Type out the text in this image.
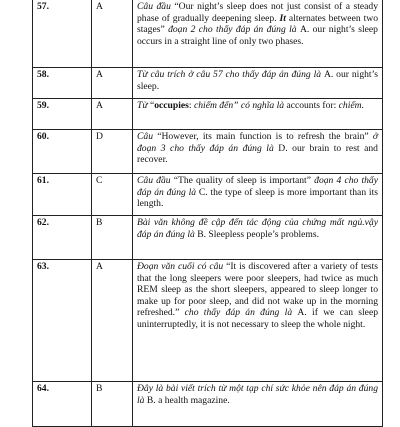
57.	A	Câu đầu “Our night’s sleep does not just consist of a steady phase of gradually deepening sleep. It alternates between two stages” đoạn 2 cho thấy đáp án đúng là A. our night’s sleep occurs in a straight line of only two phases.
58.	A	Từ câu trích ở câu 57 cho thấy đáp án đúng là A. our night’s sleep.
59.	A	Từ “occupies: chiếm đến” có nghĩa là accounts for: chiếm.
60.	D	Câu “However, its main function is to refresh the brain” ở đoạn 3 cho thấy đáp án đúng là D. our brain to rest and recover.
61.	C	Câu đầu “The quality of sleep is important” đoạn 4 cho thấy đáp án đúng là C. the type of sleep is more important than its length.
62.	B	Bài văn không đề cập đến tác động của chứng mất ngủ.vậy đáp án đúng là B. Sleepless people’s problems.
63.	A	Đoạn văn cuối có câu “It is discovered after a variety of tests that the long sleepers were poor sleepers, had twice as much REM sleep as the short sleepers, appeared to sleep longer to make up for poor sleep, and did not wake up in the morning refreshed.” cho thấy đáp án đúng là A. if we can sleep uninterruptedly, it is not necessary to sleep the whole night.
64.	B	Đây là bài viết trích từ một tạp chí sức khỏe nên đáp án đúng là B. a health magazine.
